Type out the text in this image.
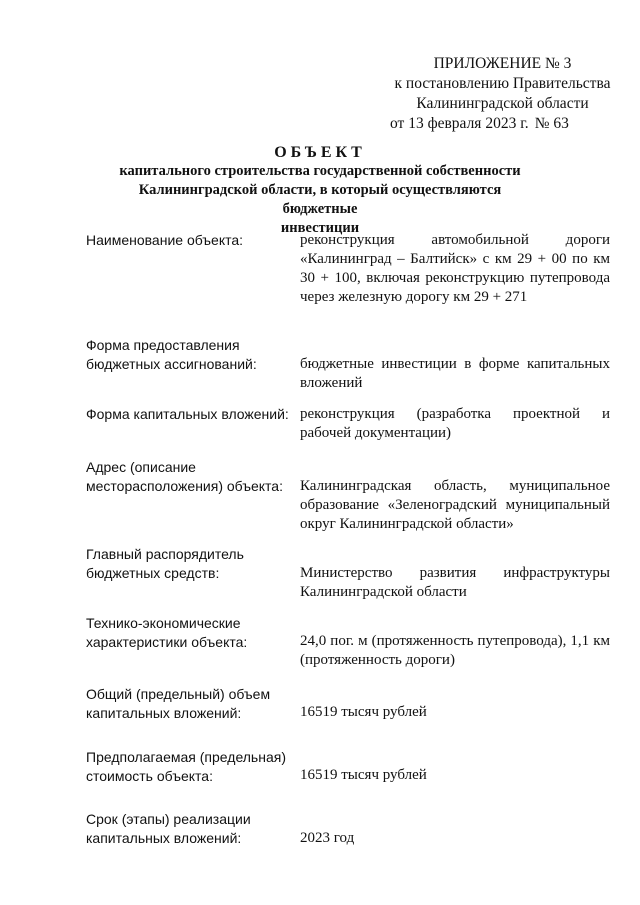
ПРИЛОЖЕНИЕ № 3
к постановлению Правительства
Калининградской области
от 13 февраля 2023 г. № 63
ОБЪЕКТ
капитального строительства государственной собственности
Калининградской области, в который осуществляются бюджетные
инвестиции
Наименование объекта:	реконструкция автомобильной дороги «Калининград – Балтийск» с км 29 + 00 по км 30 + 100, включая реконструкцию путепровода через железную дорогу км 29 + 271
Форма предоставления
бюджетных ассигнований:	бюджетные инвестиции в форме капитальных вложений
Форма капитальных вложений: реконструкция (разработка проектной и рабочей документации)
Адрес (описание
месторасположения) объекта:	Калининградская область, муниципальное образование «Зеленоградский муниципальный округ Калининградской области»
Главный распорядитель
бюджетных средств:	Министерство развития инфраструктуры Калининградской области
Технико-экономические
характеристики объекта:	24,0 пог. м (протяженность путепровода), 1,1 км (протяженность дороги)
Общий (предельный) объем
капитальных вложений:	16519 тысяч рублей
Предполагаемая (предельная)
стоимость объекта:	16519 тысяч рублей
Срок (этапы) реализации
капитальных вложений:	2023 год
